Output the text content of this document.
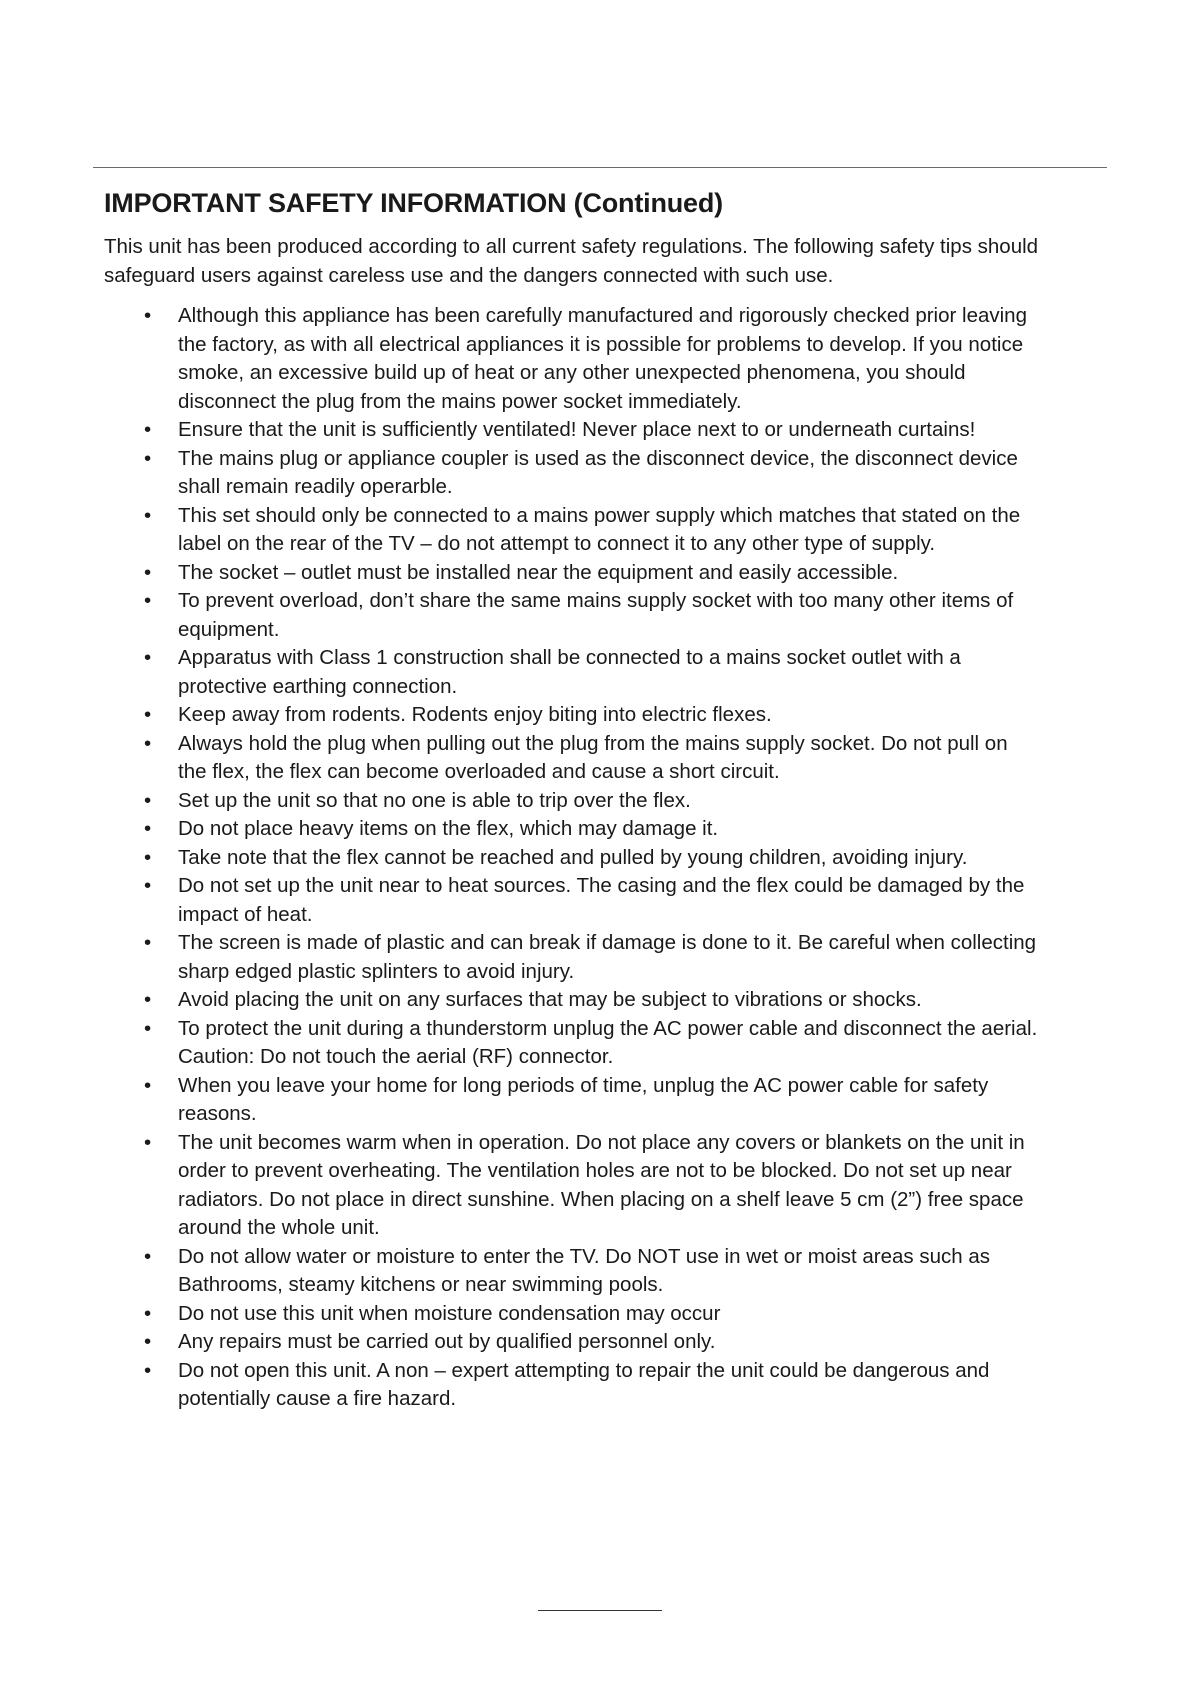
IMPORTANT SAFETY INFORMATION (Continued)

This unit has been produced according to all current safety regulations. The following safety tips should safeguard users against careless use and the dangers connected with such use.

• Although this appliance has been carefully manufactured and rigorously checked prior leaving the factory, as with all electrical appliances it is possible for problems to develop. If you notice smoke, an excessive build up of heat or any other unexpected phenomena, you should disconnect the plug from the mains power socket immediately.
• Ensure that the unit is sufficiently ventilated! Never place next to or underneath curtains!
• The mains plug or appliance coupler is used as the disconnect device, the disconnect device shall remain readily operarble.
• This set should only be connected to a mains power supply which matches that stated on the label on the rear of the TV – do not attempt to connect it to any other type of supply.
• The socket – outlet must be installed near the equipment and easily accessible.
• To prevent overload, don’t share the same mains supply socket with too many other items of equipment.
• Apparatus with Class 1 construction shall be connected to a mains socket outlet with a protective earthing connection.
• Keep away from rodents. Rodents enjoy biting into electric flexes.
• Always hold the plug when pulling out the plug from the mains supply socket. Do not pull on the flex, the flex can become overloaded and cause a short circuit.
• Set up the unit so that no one is able to trip over the flex.
• Do not place heavy items on the flex, which may damage it.
• Take note that the flex cannot be reached and pulled by young children, avoiding injury.
• Do not set up the unit near to heat sources. The casing and the flex could be damaged by the impact of heat.
• The screen is made of plastic and can break if damage is done to it. Be careful when collecting sharp edged plastic splinters to avoid injury.
• Avoid placing the unit on any surfaces that may be subject to vibrations or shocks.
• To protect the unit during a thunderstorm unplug the AC power cable and disconnect the aerial. Caution: Do not touch the aerial (RF) connector.
• When you leave your home for long periods of time, unplug the AC power cable for safety reasons.
• The unit becomes warm when in operation. Do not place any covers or blankets on the unit in order to prevent overheating. The ventilation holes are not to be blocked. Do not set up near radiators. Do not place in direct sunshine. When placing on a shelf leave 5 cm (2”) free space around the whole unit.
• Do not allow water or moisture to enter the TV. Do NOT use in wet or moist areas such as Bathrooms, steamy kitchens or near swimming pools.
• Do not use this unit when moisture condensation may occur
• Any repairs must be carried out by qualified personnel only.
• Do not open this unit. A non – expert attempting to repair the unit could be dangerous and potentially cause a fire hazard.
